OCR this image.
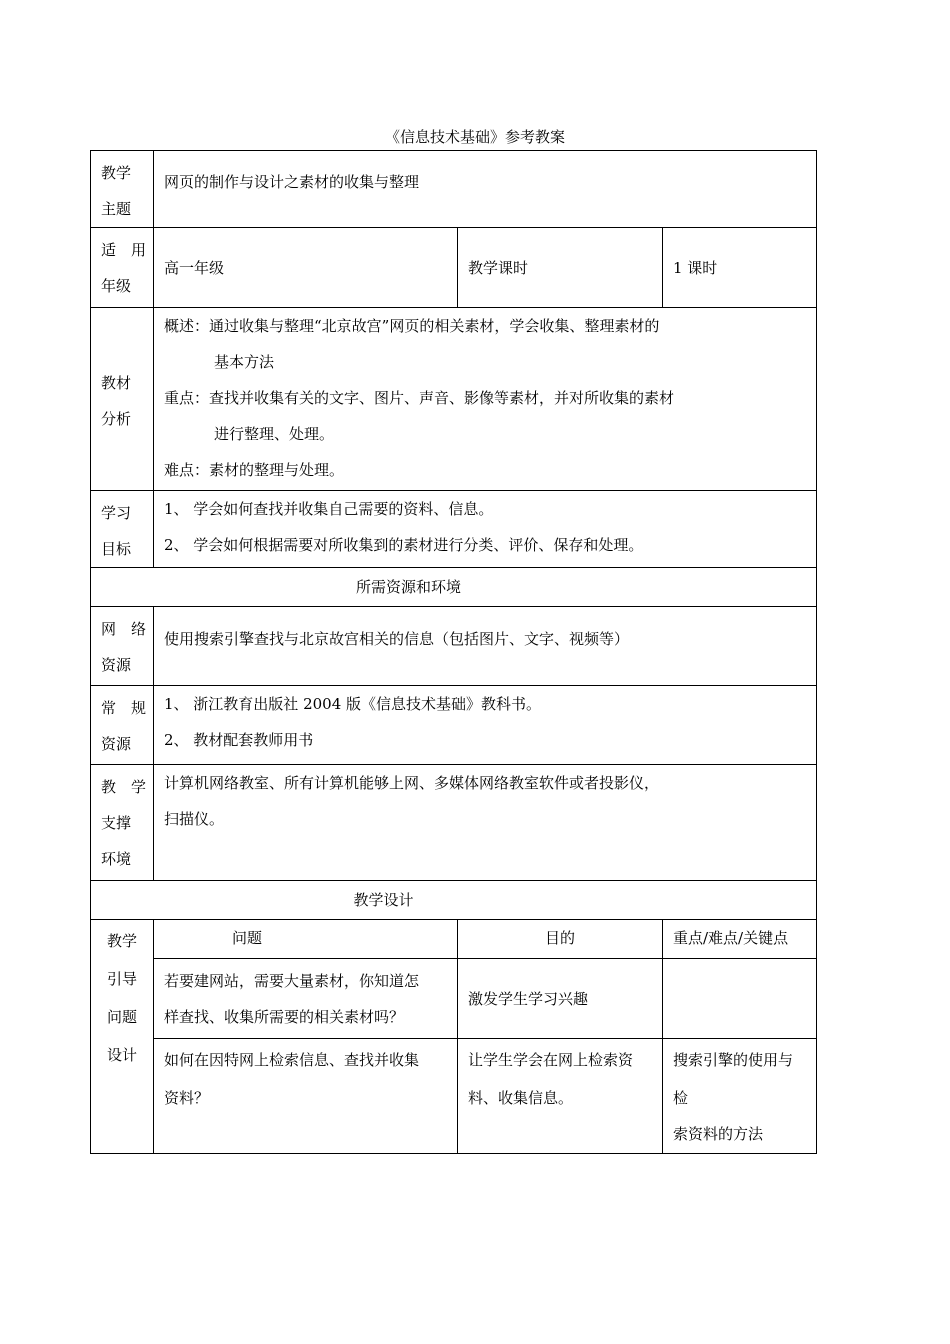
《信息技术基础》参考教案
教学
主题	网页的制作与设计之素材的收集与整理		

适　用
年级	高一年级	教学课时	1 课时

教材
分析	概述：通过收集与整理“北京故宫”网页的相关素材，学会收集、整理素材的
基本方法
重点：查找并收集有关的文字、图片、声音、影像等素材，并对所收集的素材
进行整理、处理。
难点：素材的整理与处理。		

学习
目标	1、 学会如何查找并收集自己需要的资料、信息。
2、 学会如何根据需要对所收集到的素材进行分类、评价、保存和处理。		

所需资源和环境			

网　络
资源	使用搜索引擎查找与北京故宫相关的信息（包括图片、文字、视频等）		

常　规
资源	1、 浙江教育出版社 2004 版《信息技术基础》教科书。
2、 教材配套教师用书		

教　学
支撑
环境	计算机网络教室、所有计算机能够上网、多媒体网络教室软件或者投影仪，
扫描仪。		

教学设计			

教学
引导
问题
设计	问题	目的	重点/难点/关键点

	若要建网站，需要大量素材，你知道怎
样查找、收集所需要的相关素材吗？	激发学生学习兴趣	

	如何在因特网上检索信息、查找并收集
资料？	让学生学会在网上检索资
料、收集信息。	搜索引擎的使用与
检
索资料的方法
